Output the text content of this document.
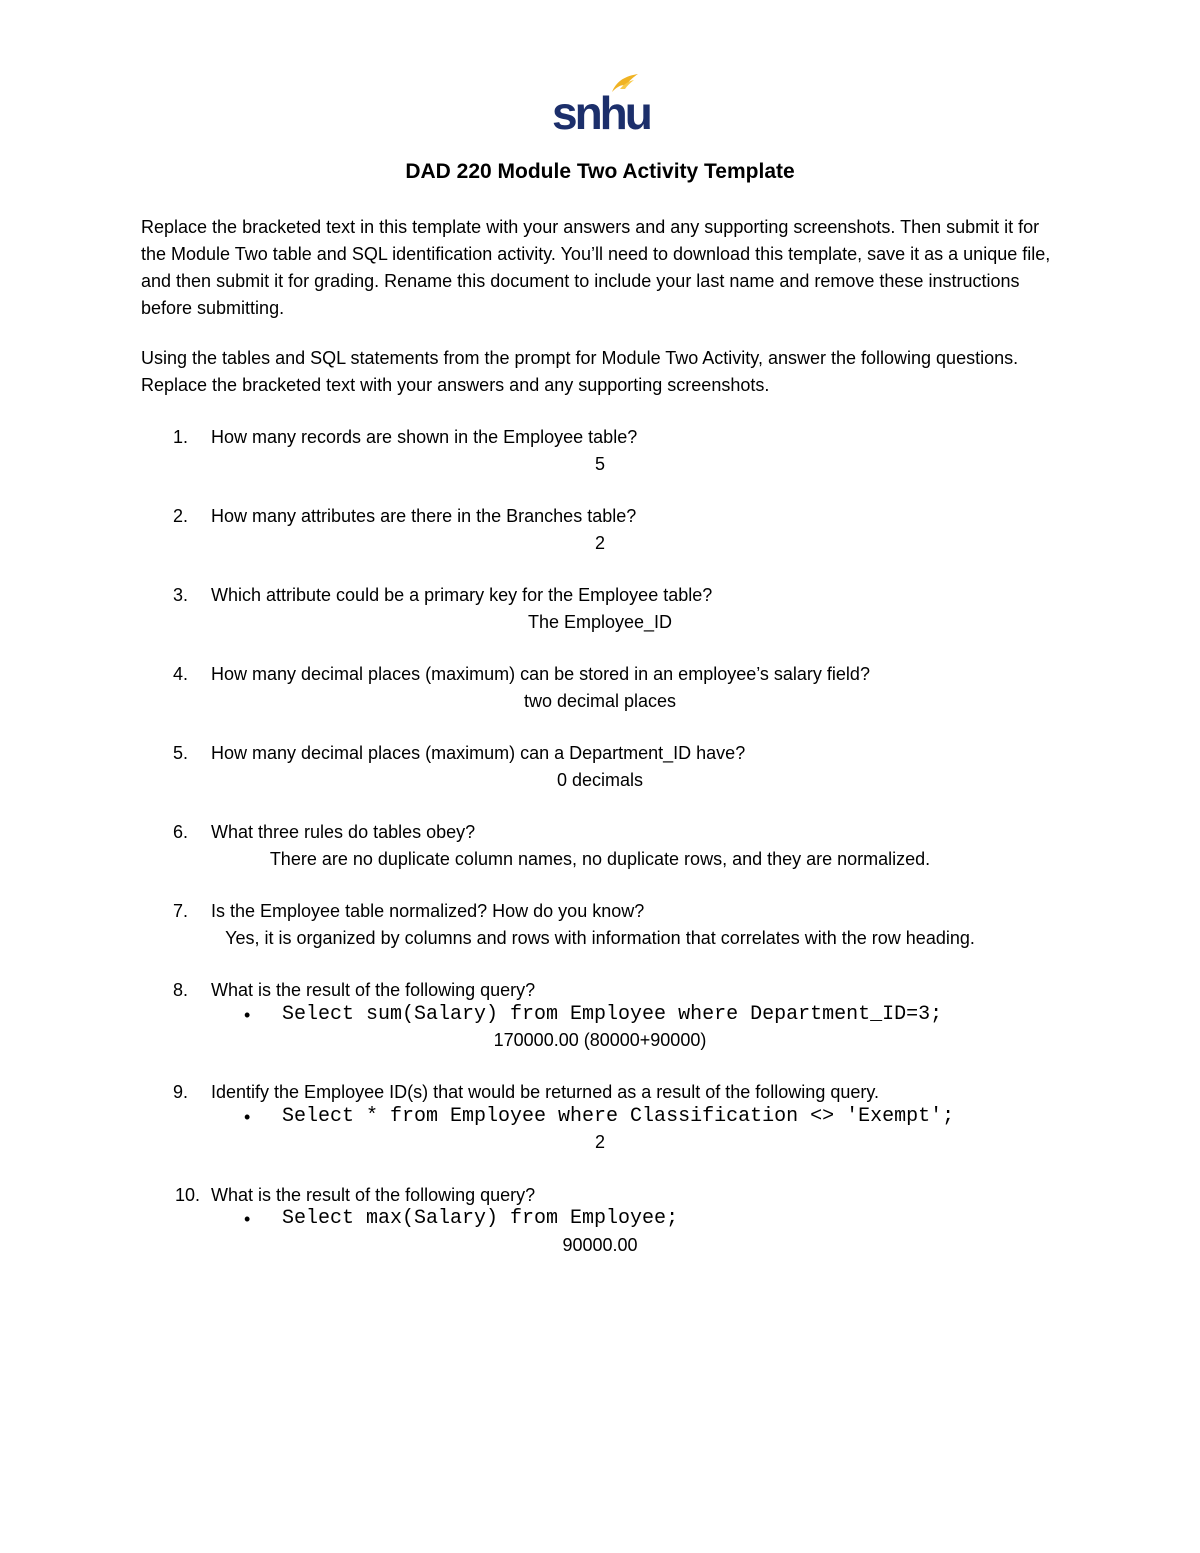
snhu
DAD 220 Module Two Activity Template

Replace the bracketed text in this template with your answers and any supporting screenshots. Then submit it for the Module Two table and SQL identification activity. You’ll need to download this template, save it as a unique file, and then submit it for grading. Rename this document to include your last name and remove these instructions before submitting.

Using the tables and SQL statements from the prompt for Module Two Activity, answer the following questions. Replace the bracketed text with your answers and any supporting screenshots.

1.	How many records are shown in the Employee table?
5
2.	How many attributes are there in the Branches table?
2
3.	Which attribute could be a primary key for the Employee table?
The Employee_ID
4.	How many decimal places (maximum) can be stored in an employee’s salary field?
two decimal places
5.	How many decimal places (maximum) can a Department_ID have?
0 decimals
6.	What three rules do tables obey?
There are no duplicate column names, no duplicate rows, and they are normalized.
7.	Is the Employee table normalized? How do you know?
Yes, it is organized by columns and rows with information that correlates with the row heading.
8.	What is the result of the following query?
• Select sum(Salary) from Employee where Department_ID=3;
170000.00 (80000+90000)
9.	Identify the Employee ID(s) that would be returned as a result of the following query.
• Select * from Employee where Classification <> 'Exempt';
2
10. What is the result of the following query?
• Select max(Salary) from Employee;
90000.00
